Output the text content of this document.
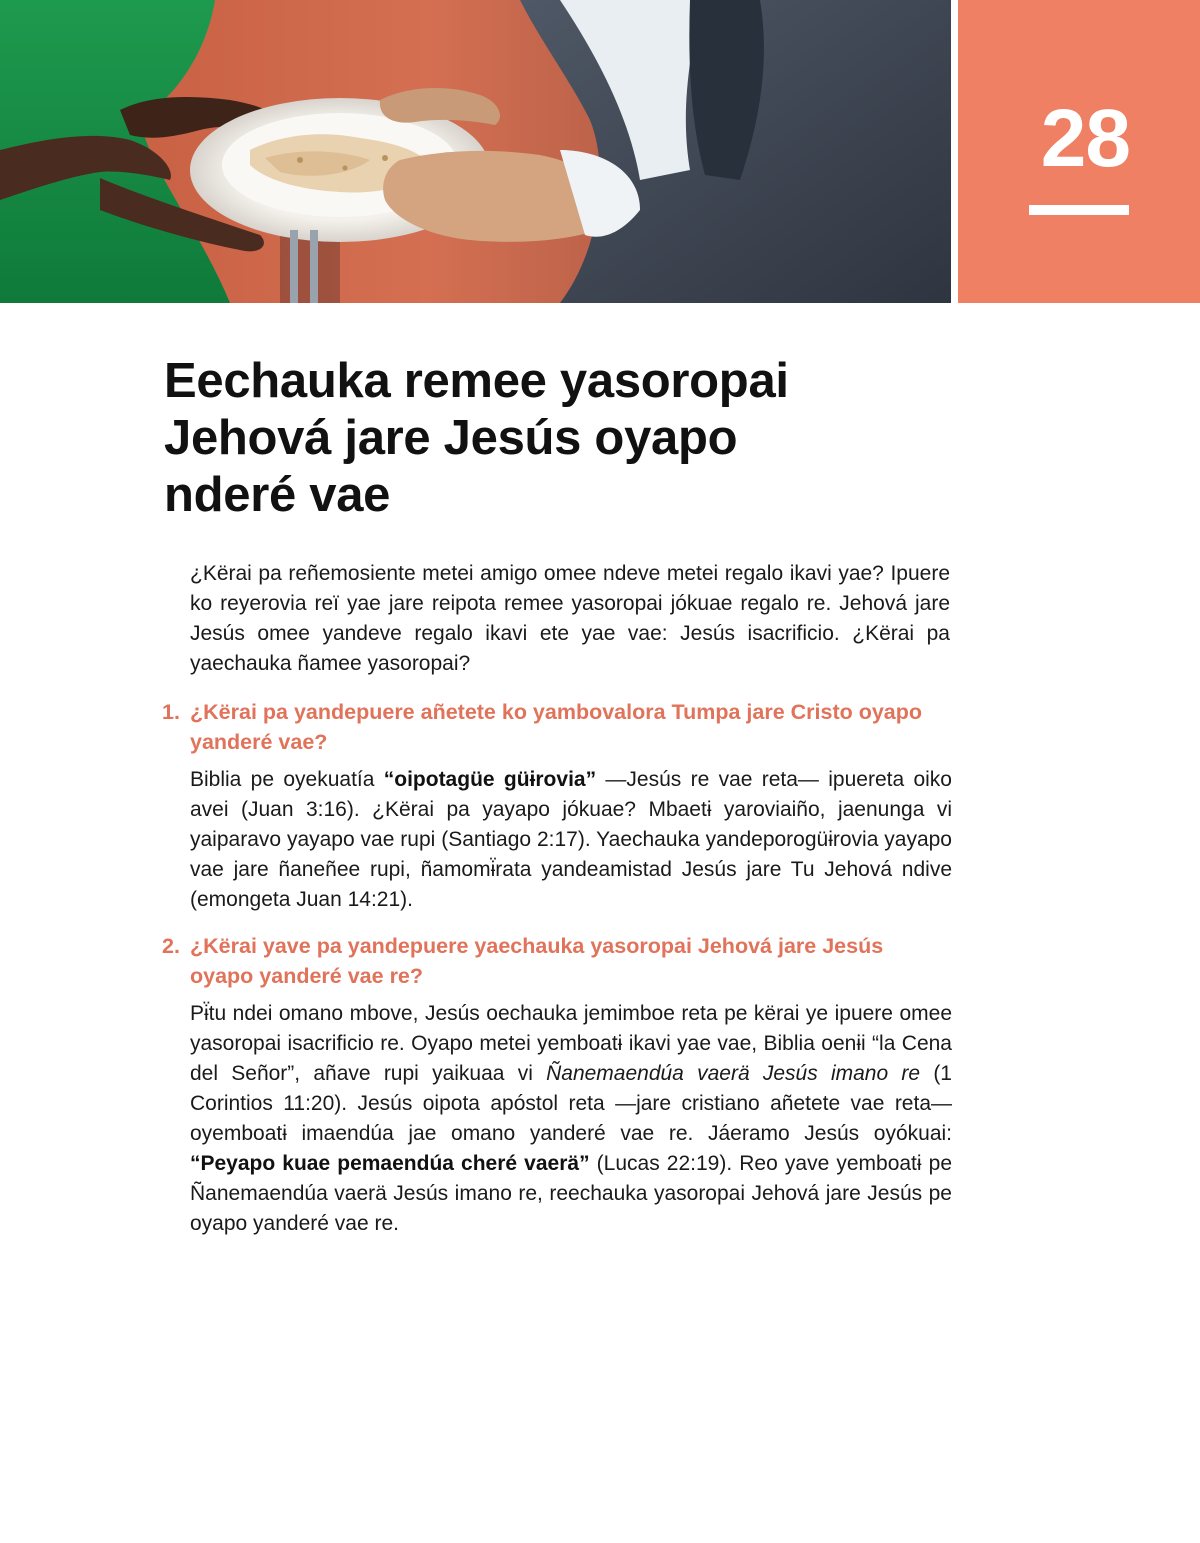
28
Eechauka remee yasoropai
Jehová jare Jesús oyapo
nderé vae

¿Kërai pa reñemosiente metei amigo omee ndeve metei regalo ikavi yae? Ipuere ko reyerovia reï yae jare reipota remee yasoropai jókuae regalo re. Jehová jare Jesús omee yandeve regalo ikavi ete yae vae: Jesús isacrificio. ¿Kërai pa yaechauka ñamee yasoropai?

1. ¿Kërai pa yandepuere añetete ko yambovalora Tumpa jare Cristo oyapo yanderé vae?

Biblia pe oyekuatía “oipotagüe güɨrovia” —Jesús re vae reta— ipuereta oiko avei (Juan 3:16). ¿Kërai pa yayapo jókuae? Mbaetɨ yaroviaiño, jaenunga vi yaiparavo yayapo vae rupi (Santiago 2:17). Yaechauka yandeporogüɨrovia yayapo vae jare ñaneñee rupi, ñamomɨ̈rata yandeamistad Jesús jare Tu Jehová ndive (emongeta Juan 14:21).

2. ¿Kërai yave pa yandepuere yaechauka yasoropai Jehová jare Jesús oyapo yanderé vae re?

Pɨ̈tu ndei omano mbove, Jesús oechauka jemimboe reta pe kërai ye ipuere omee yasoropai isacrificio re. Oyapo metei yemboatɨ ikavi yae vae, Biblia oenɨi “la Cena del Señor”, añave rupi yaikuaa vi Ñanemaendúa vaerä Jesús imano re (1 Corintios 11:20). Jesús oipota apóstol reta —jare cristiano añetete vae reta— oyemboatɨ imaendúa jae omano yanderé vae re. Jáeramo Jesús oyókuai: “Peyapo kuae pemaendúa cheré vaerä” (Lucas 22:19). Reo yave yemboatɨ pe Ñanemaendúa vaerä Jesús imano re, reechauka yasoropai Jehová jare Jesús pe oyapo yanderé vae re.
